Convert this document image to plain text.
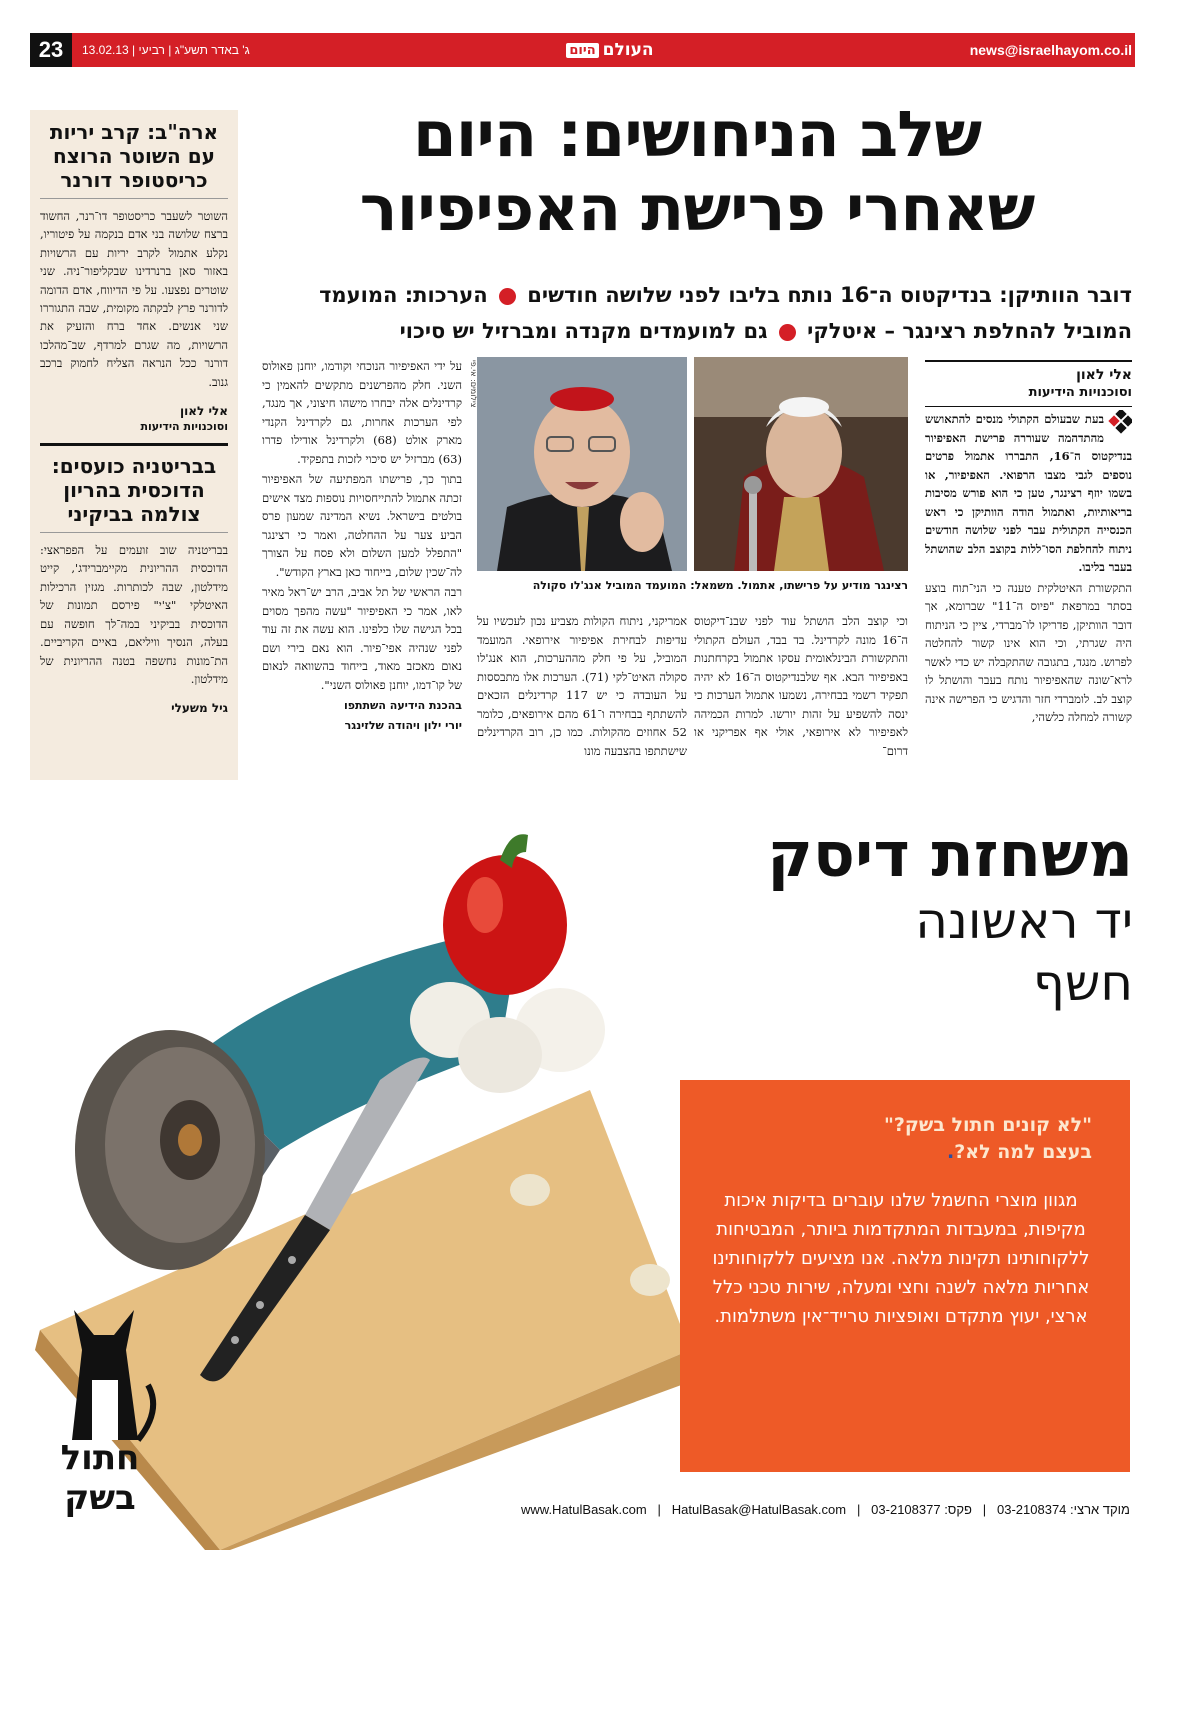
23	ג' באדר תשע"ג | רביעי | 13.02.13	העולם
היום	news@israelhayom.co.il
ארה"ב: קרב יריות עם השוטר הרוצח כריסטופר דורנר
השוטר לשעבר כריסטופר דו־רנר, החשוד ברצח שלושה בני אדם בנקמה על פיטוריו, נקלע אתמול לקרב יריות עם הרשויות באזור סאן ברנרדינו שבקליפור־ניה. שני שוטרים נפצעו. על פי הדיווח, אדם הדומה לדורנר פרץ לבקתה מקומית, שבה התגוררו שני אנשים. אחד ברח והזעיק את הרשויות, מה שגרם למרדף, שב־מהלכו דורנר ככל הנראה הצליח לחמוק ברכב גנוב.
אלי לאון
וסוכנויות הידיעות
בבריטניה כועסים: הדוכסית בהריון צולמה בביקיני
בבריטניה שוב זועמים על הפפראצי: הדוכסית ההריונית מקיימברידג', קייט מידלטון, שבה לכותרות. מגזין הרכילות האיטלקי "צ'י" פירסם תמונות של הדוכסית בביקיני במה־לך חופשה עם בעלה, הנסיך וויליאם, באיים הקריביים. הת־מונות נחשפה בטנה ההריונית של מידלטון.
גיל משעלי
שלב הניחושים: היום
שאחרי פרישת האפיפיור
דובר הוותיקן: בנדיקטוס ה־16 נותח בליבו לפני שלושה חודשים  הערכות: המועמד המוביל להחלפת רצינגר – איטלקי  גם למועמדים מקנדה ומברזיל יש סיכוי
אלי לאון
וסוכנויות הידיעות
צילומים: אי.פי
רצינגר מודיע על פרישתו, אתמול. משמאל: המועמד המוביל אנג'לו סקולה

בעת שבעולם הקתולי מנסים להתאושש מהתדהמה שעוררה פרישת האפיפיור בנדיקטוס ה־16, התבררו אתמול פרטים נוספים לגבי מצבו הרפואי. האפיפיור, או בשמו יוזף רצינגר, טען כי הוא פורש מסיבות בריאותיות, ואתמול הודה הוותיקן כי ראש הכנסייה הקתולית עבר לפני שלושה חודשים ניתוח להחלפת הסו־ללות בקוצב הלב שהושתל בעבר בליבו.

התקשורת האיטלקית טענה כי הני־תוח בוצע בסתר במרפאת "פיוס ה־11" שברומא, אך דובר הוותיקן, פדריקו לו־מברדי, ציין כי הניתוח היה שגרתי, וכי הוא אינו קשור להחלטה לפרוש. מנגד, בתגובה שהתקבלה יש כדי לאשר לרא־שונה שהאפיפיור נותח בעבר והושתל לו קוצב לב. לומברדי חזר והדגיש כי הפרישה אינה קשורה למחלה כלשהי,

וכי קוצב הלב הושתל עוד לפני שבנ־דיקטוס ה־16 מונה לקרדינל. בד בבד, העולם הקתולי והתקשורת הבינלאומית עסקו אתמול בקרחתנות באפיפיור הבא. אף שלבנדיקטוס ה־16 לא יהיה תפקיד רשמי בבחירה, נשמעו אתמול הערכות כי ינסה להשפיע על זהות יורשו. למרות הכמיהה לאפיפיור לא אירופאי, אולי אף אפריקני או דרום־

אמריקני, ניתוח הקולות מצביע נכון לעכשיו על עדיפות לבחירת אפיפיור אירופאי. המועמד המוביל, על פי חלק מההערכות, הוא אנג'לו סקולה האיט־לקי (71). הערכות אלו מתבססות על העובדה כי יש 117 קרדינלים הזכאים להשתתף בבחירה ו־61 מהם אירופאים, כלומר 52 אחוזים מהקולות. כמו כן, רוב הקרדינלים שישתתפו בהצבעה מונו

על ידי האפיפיור הנוכחי וקודמו, יוחנן פאולוס השני. חלק מהפרשנים מתקשים להאמין כי קרדינלים אלה יבחרו מישהו חיצוני, אך מנגד, לפי הערכות אחרות, גם לקרדינל הקנדי מארק אולט (68) ולקרדינל אודילו פדרו (63) מברזיל יש סיכוי לזכות בתפקיד.

בתוך כך, פרישתו המפתיעה של האפיפיור זכתה אתמול להתייחסויות נוספות מצד אישים בולטים בישראל. נשיא המדינה שמעון פרס הביע צער על ההחלטה, ואמר כי רצינגר "התפלל למען השלום ולא פסח על הצורך לה־שכין שלום, בייחוד כאן בארץ הקודש".

רבה הראשי של תל אביב, הרב יש־ראל מאיר לאו, אמר כי האפיפיור "עשה מהפך מסוים בכל הגישה שלו כלפינו. הוא עשה את זה עוד לפני שנהיה אפי־פיור. הוא נאם בירי ושם נאום מאכזב מאוד, בייחוד בהשוואה לנאום של קו־דמו, יוחנן פאולוס השני".

בהכנת הידיעה השתתפו
יורי ילון ויהודה שלזינגר
משחזת דיסק
יד ראשונה
חשף
"לא קונים חתול בשק?"
בעצם למה לא?.
מגוון מוצרי החשמל שלנו עוברים בדיקות איכות מקיפות, במעבדות המתקדמות ביותר, המבטיחות ללקוחותינו תקינות מלאה. אנו מציעים ללקוחותינו אחריות מלאה לשנה וחצי ומעלה, שירות טכני כלל ארצי, יעוץ מתקדם ואופציות טרייד־אין משתלמות.
מוקד ארצי: 03-2108374   |   פקס: 03-2108377   |   www.HatulBasak.com   |   HatulBasak@HatulBasak.com
חתול
בשק
